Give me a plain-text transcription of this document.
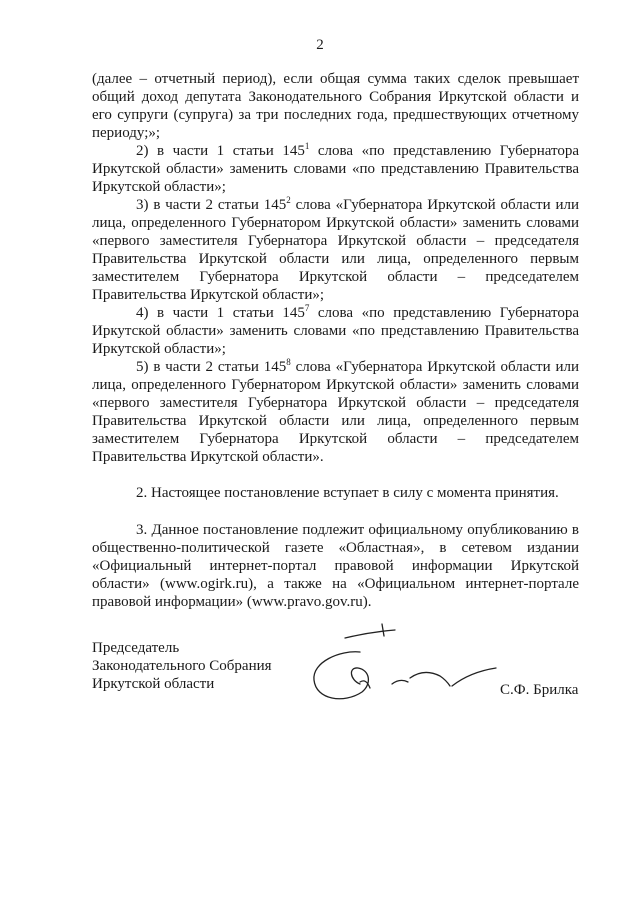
2

(далее – отчетный период), если общая сумма таких сделок превышает общий доход депутата Законодательного Собрания Иркутской области и его супруги (супруга) за три последних года, предшествующих отчетному периоду;»;

2) в части 1 статьи $145^1$ слова «по представлению Губернатора Иркутской области» заменить словами «по представлению Правительства Иркутской области»;

3) в части 2 статьи $145^2$ слова «Губернатора Иркутской области или лица, определенного Губернатором Иркутской области» заменить словами «первого заместителя Губернатора Иркутской области – председателя Правительства Иркутской области или лица, определенного первым заместителем Губернатора Иркутской области – председателем Правительства Иркутской области»;

4) в части 1 статьи $145^7$ слова «по представлению Губернатора Иркутской области» заменить словами «по представлению Правительства Иркутской области»;

5) в части 2 статьи $145^8$ слова «Губернатора Иркутской области или лица, определенного Губернатором Иркутской области» заменить словами «первого заместителя Губернатора Иркутской области – председателя Правительства Иркутской области или лица, определенного первым заместителем Губернатора Иркутской области – председателем Правительства Иркутской области».

2. Настоящее постановление вступает в силу с момента принятия.

3. Данное постановление подлежит официальному опубликованию в общественно-политической газете «Областная», в сетевом издании «Официальный интернет-портал правовой информации Иркутской области» (www.ogirk.ru), а также на «Официальном интернет-портале правовой информации» (www.pravo.gov.ru).

Председатель
Законодательного Собрания
Иркутской области	С.Ф. Брилка
